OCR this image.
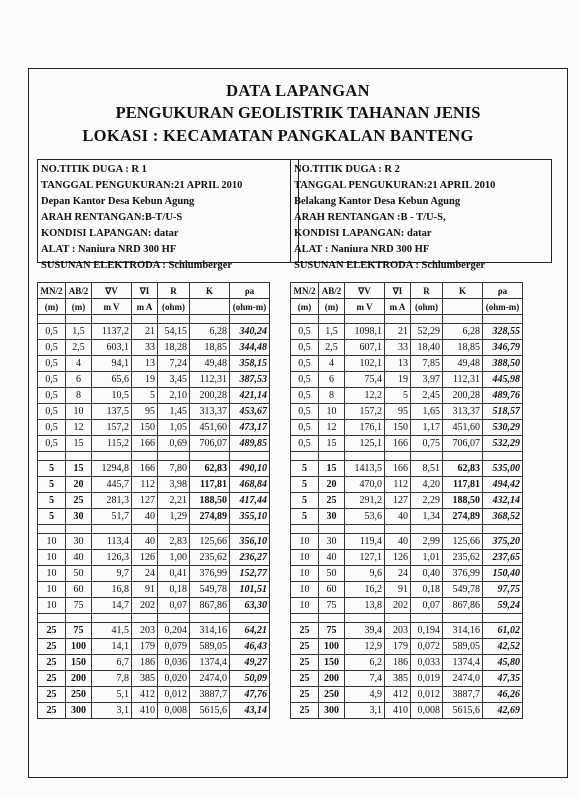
DATA LAPANGAN
PENGUKURAN GEOLISTRIK TAHANAN JENIS
LOKASI : KECAMATAN PANGKALAN BANTENG
NO.TITIK DUGA : R 1
TANGGAL PENGUKURAN:21 APRIL 2010
Depan Kantor Desa Kebun Agung
ARAH RENTANGAN:B-T/U-S
KONDISI LAPANGAN: datar
ALAT : Naniura NRD 300 HF
SUSUNAN ELEKTRODA : Schlumberger
NO.TITIK DUGA : R 2
TANGGAL PENGUKURAN:21 APRIL 2010
Belakang Kantor Desa Kebun Agung
ARAH RENTANGAN :B - T/U-S,
KONDISI LAPANGAN: datar
ALAT : Naniura NRD 300 HF
SUSUNAN ELEKTRODA : Schlumberger
MN/2	AB/2	∇V	∇I	R	K	ρa
(m)	(m)	m V	m A	(ohm)		(ohm-m)

0,5	1,5	1137,2	21	54,15	6,28	340,24
0,5	2,5	603,1	33	18,28	18,85	344,48
0,5	4	94,1	13	7,24	49,48	358,15
0,5	6	65,6	19	3,45	112,31	387,53
0,5	8	10,5	5	2,10	200,28	421,14
0,5	10	137,5	95	1,45	313,37	453,67
0,5	12	157,2	150	1,05	451,60	473,17
0,5	15	115,2	166	0,69	706,07	489,85

5	15	1294,8	166	7,80	62,83	490,10
5	20	445,7	112	3,98	117,81	468,84
5	25	281,3	127	2,21	188,50	417,44
5	30	51,7	40	1,29	274,89	355,10

10	30	113,4	40	2,83	125,66	356,10
10	40	126,3	126	1,00	235,62	236,27
10	50	9,7	24	0,41	376,99	152,77
10	60	16,8	91	0,18	549,78	101,51
10	75	14,7	202	0,07	867,86	63,30

25	75	41,5	203	0,204	314,16	64,21
25	100	14,1	179	0,079	589,05	46,43
25	150	6,7	186	0,036	1374,4	49,27
25	200	7,8	385	0,020	2474,0	50,09
25	250	5,1	412	0,012	3887,7	47,76
25	300	3,1	410	0,008	5615,6	43,14
MN/2	AB/2	∇V	∇I	R	K	ρa
(m)	(m)	m V	m A	(ohm)		(ohm-m)

0,5	1,5	1098,1	21	52,29	6,28	328,55
0,5	2,5	607,1	33	18,40	18,85	346,79
0,5	4	102,1	13	7,85	49,48	388,50
0,5	6	75,4	19	3,97	112,31	445,98
0,5	8	12,2	5	2,45	200,28	489,76
0,5	10	157,2	95	1,65	313,37	518,57
0,5	12	176,1	150	1,17	451,60	530,29
0,5	15	125,1	166	0,75	706,07	532,29

5	15	1413,5	166	8,51	62,83	535,00
5	20	470,0	112	4,20	117,81	494,42
5	25	291,2	127	2,29	188,50	432,14
5	30	53,6	40	1,34	274,89	368,52

10	30	119,4	40	2,99	125,66	375,20
10	40	127,1	126	1,01	235,62	237,65
10	50	9,6	24	0,40	376,99	150,40
10	60	16,2	91	0,18	549,78	97,75
10	75	13,8	202	0,07	867,86	59,24

25	75	39,4	203	0,194	314,16	61,02
25	100	12,9	179	0,072	589,05	42,52
25	150	6,2	186	0,033	1374,4	45,80
25	200	7,4	385	0,019	2474,0	47,35
25	250	4,9	412	0,012	3887,7	46,26
25	300	3,1	410	0,008	5615,6	42,69
